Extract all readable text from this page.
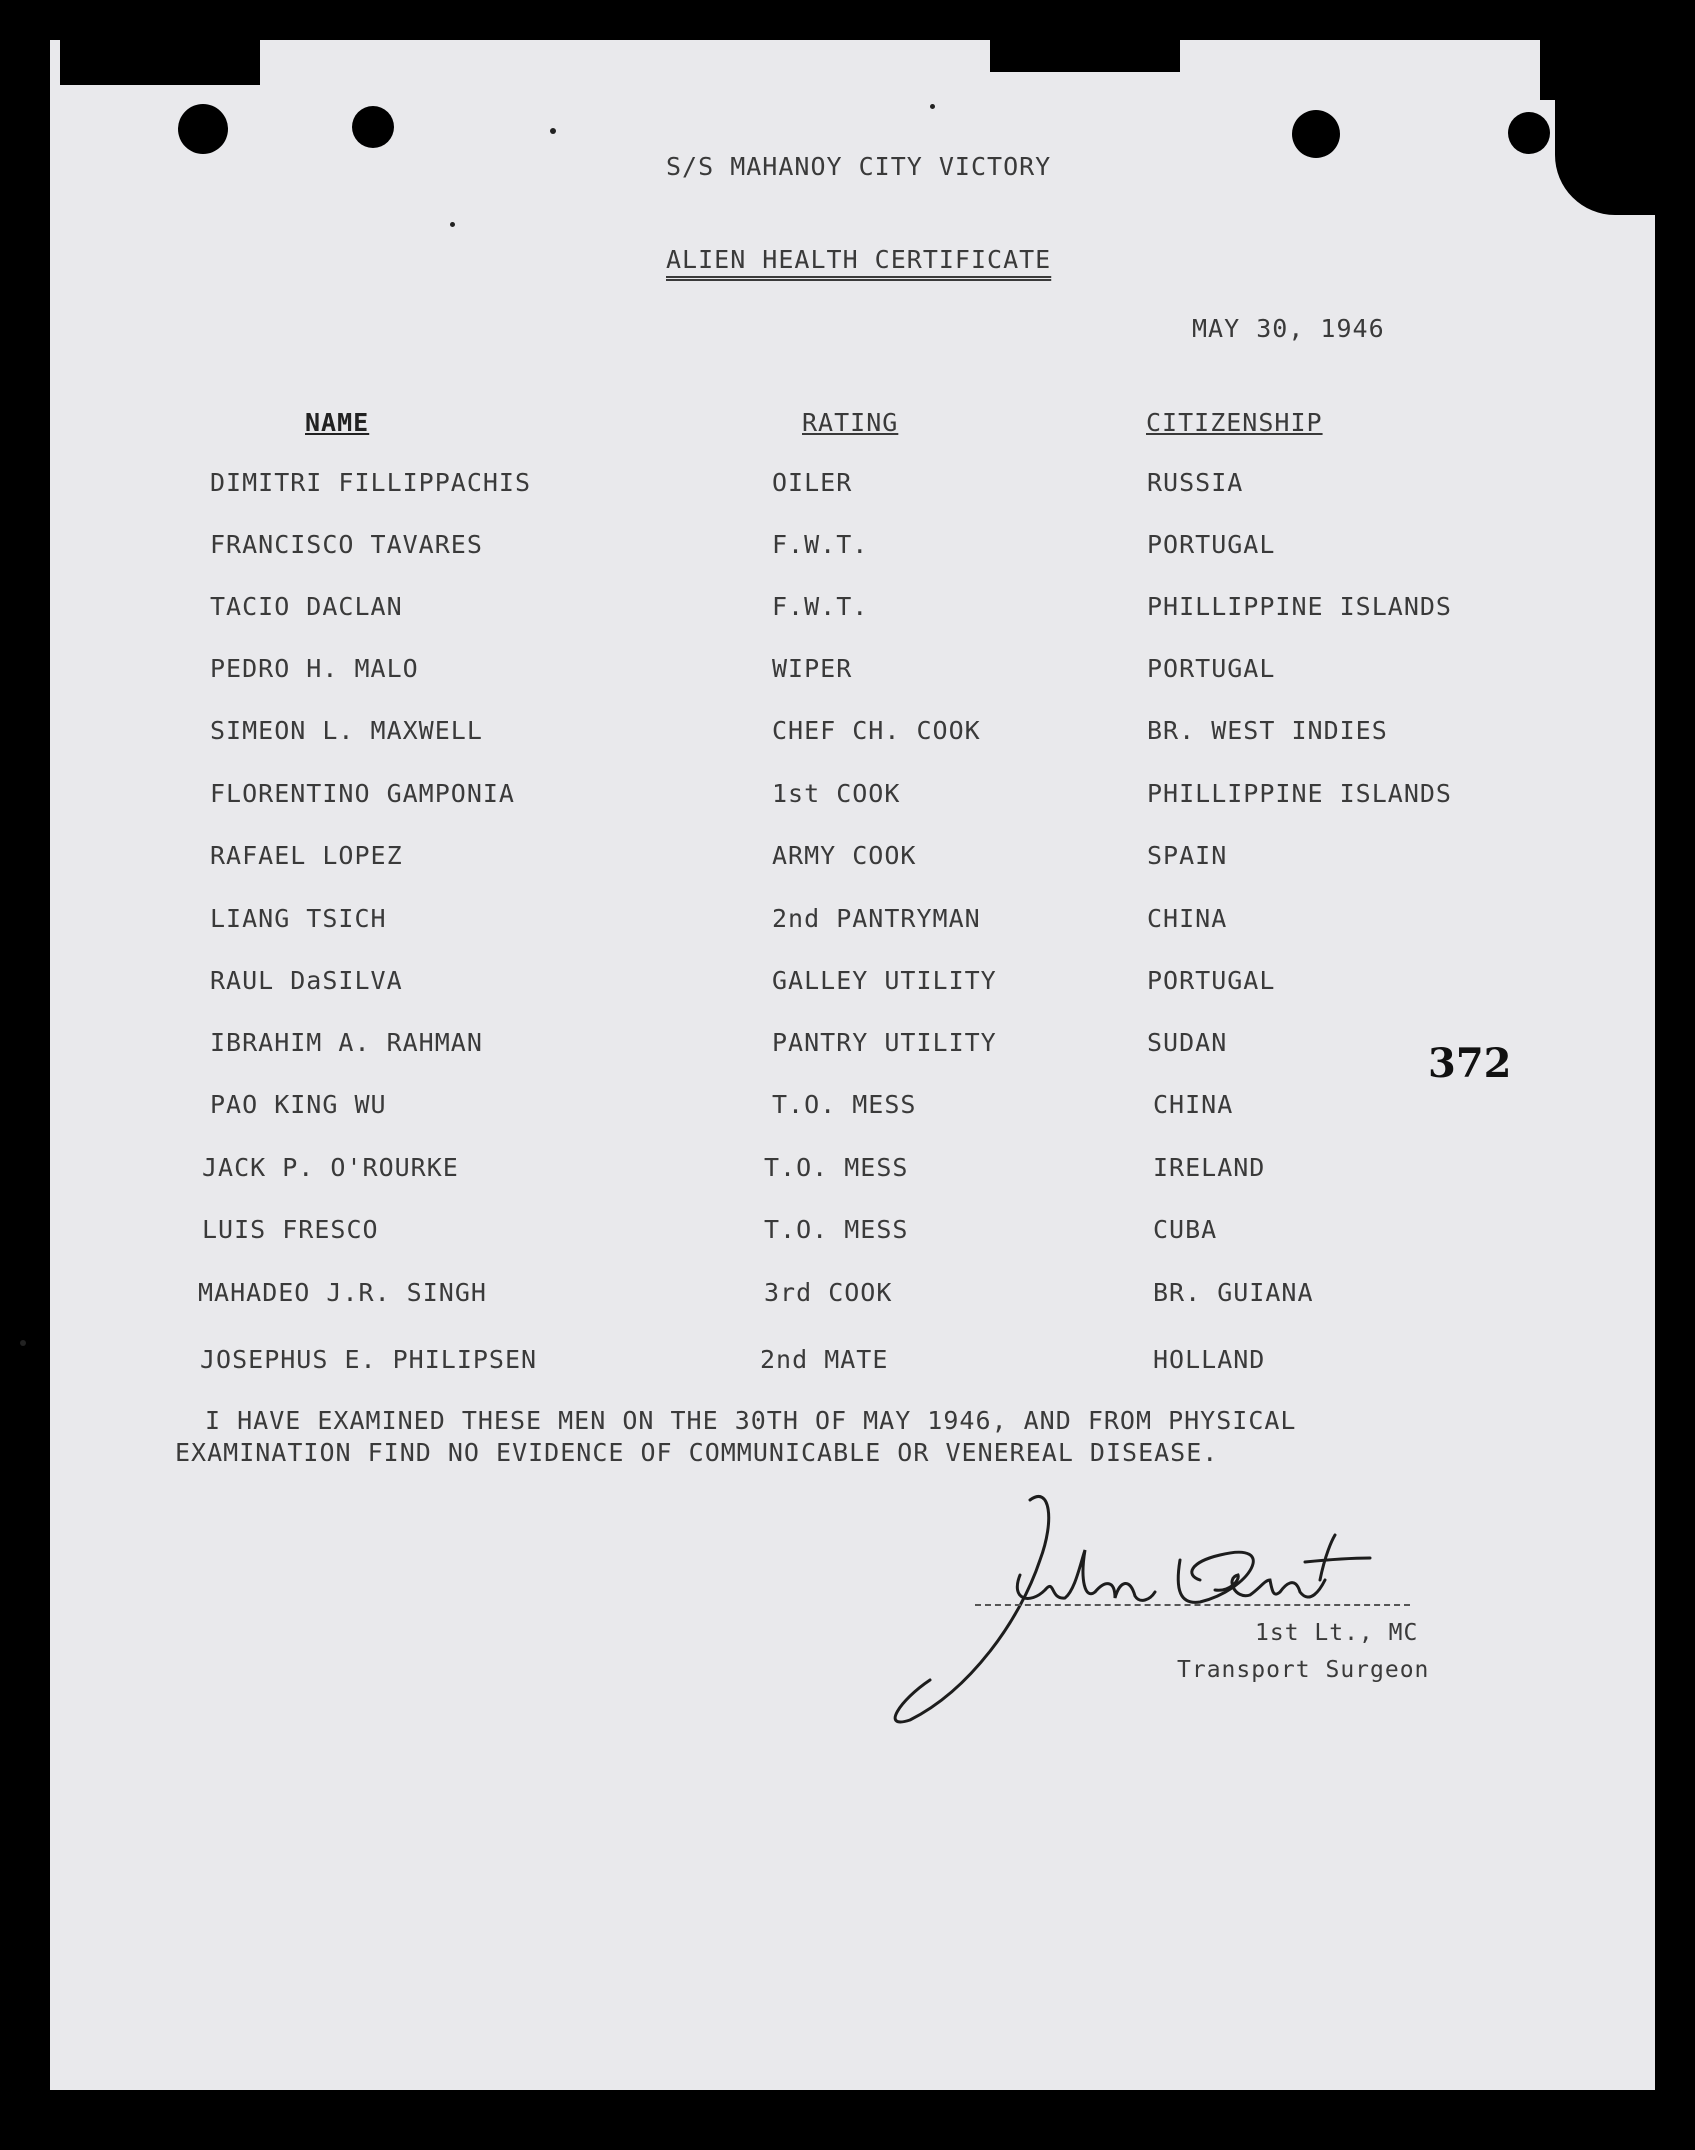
S/S MAHANOY CITY VICTORY
ALIEN HEALTH CERTIFICATE
MAY 30, 1946
NAME	RATING	CITIZENSHIP
DIMITRI FILLIPPACHIS	OILER	RUSSIA
FRANCISCO TAVARES	F.W.T.	PORTUGAL
TACIO DACLAN	F.W.T.	PHILLIPPINE ISLANDS
PEDRO H. MALO	WIPER	PORTUGAL
SIMEON L. MAXWELL	CHEF CH. COOK	BR. WEST INDIES
FLORENTINO GAMPONIA	1st COOK	PHILLIPPINE ISLANDS
RAFAEL LOPEZ	ARMY COOK	SPAIN
LIANG TSICH	2nd PANTRYMAN	CHINA
RAUL DaSILVA	GALLEY UTILITY	PORTUGAL
IBRAHIM A. RAHMAN	PANTRY UTILITY	SUDAN
PAO KING WU	T.O. MESS	CHINA
JACK P. O'ROURKE	T.O. MESS	IRELAND
LUIS FRESCO	T.O. MESS	CUBA
MAHADEO J.R. SINGH	3rd COOK	BR. GUIANA
JOSEPHUS E. PHILIPSEN	2nd MATE	HOLLAND
I HAVE EXAMINED THESE MEN ON THE 30TH OF MAY 1946, AND FROM PHYSICAL
EXAMINATION FIND NO EVIDENCE OF COMMUNICABLE OR VENEREAL DISEASE.
372
1st Lt., MC
Transport Surgeon
